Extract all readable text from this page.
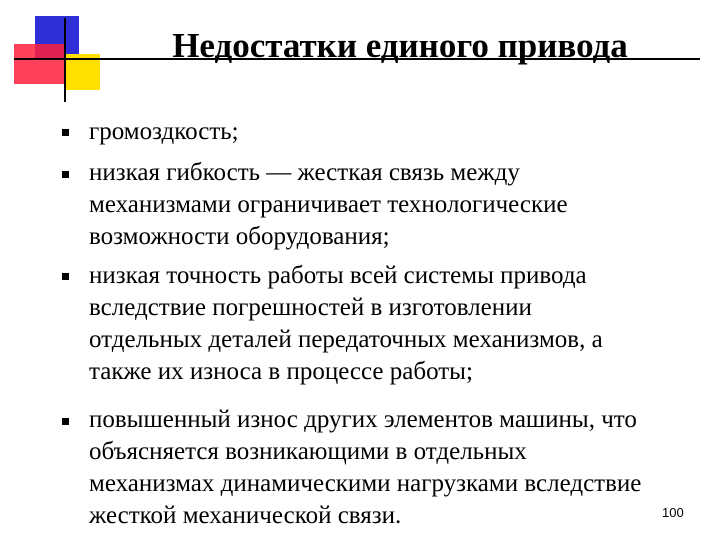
Недостатки единого привода
громоздкость;
низкая гибкость — жесткая связь между
механизмами ограничивает технологические
возможности оборудования;
низкая точность работы всей системы привода
вследствие погрешностей в изготовлении
отдельных деталей передаточных механизмов, а
также их износа в процессе работы;
повышенный износ других элементов машины, что
объясняется возникающими в отдельных
механизмах динамическими нагрузками вследствие
жесткой механической связи.	100
